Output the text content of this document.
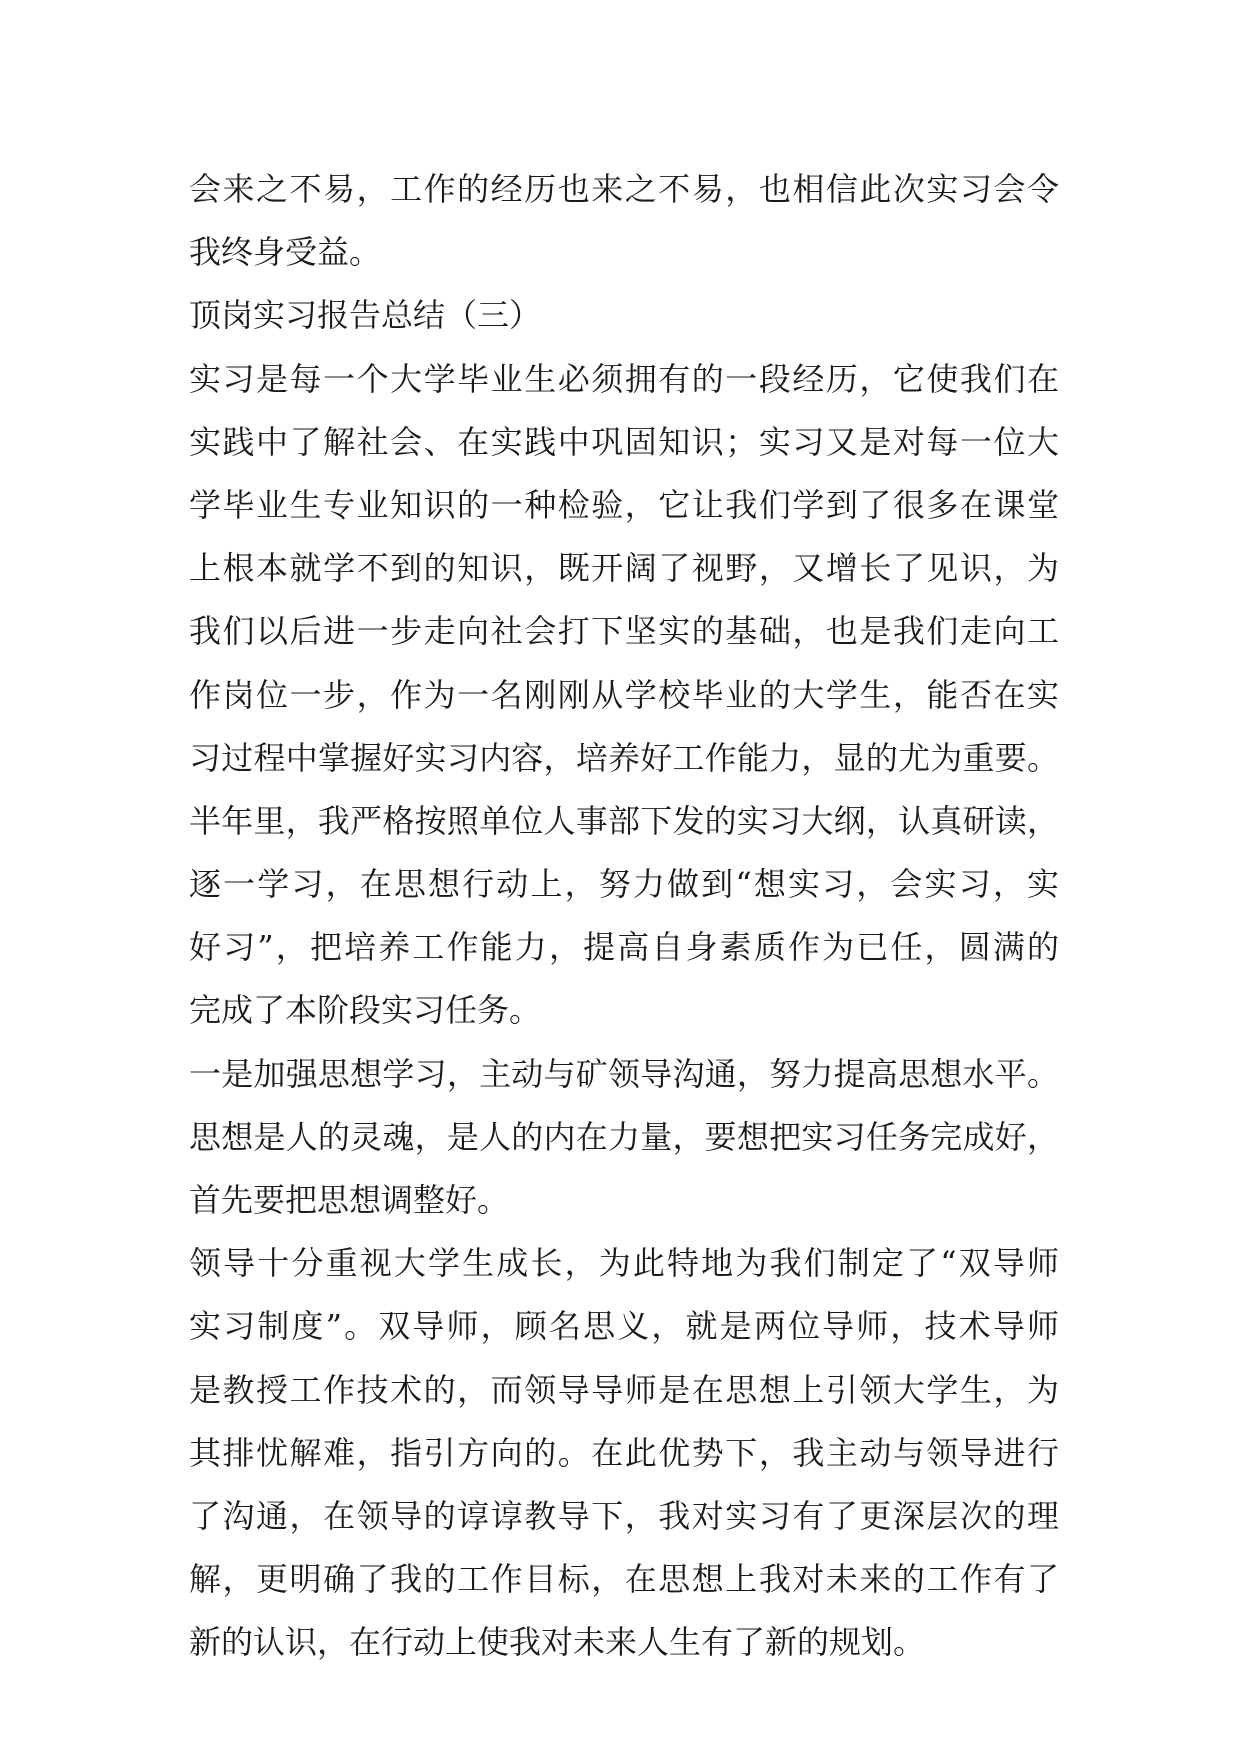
会来之不易，工作的经历也来之不易，也相信此次实习会令
我终身受益。
顶岗实习报告总结（三）
实习是每一个大学毕业生必须拥有的一段经历，它使我们在
实践中了解社会、在实践中巩固知识；实习又是对每一位大
学毕业生专业知识的一种检验，它让我们学到了很多在课堂
上根本就学不到的知识，既开阔了视野，又增长了见识，为
我们以后进一步走向社会打下坚实的基础，也是我们走向工
作岗位一步，作为一名刚刚从学校毕业的大学生，能否在实
习过程中掌握好实习内容，培养好工作能力，显的尤为重要。
半年里，我严格按照单位人事部下发的实习大纲，认真研读，
逐一学习，在思想行动上，努力做到“想实习，会实习，实
好习”，把培养工作能力，提高自身素质作为已任，圆满的
完成了本阶段实习任务。
一是加强思想学习，主动与矿领导沟通，努力提高思想水平。
思想是人的灵魂，是人的内在力量，要想把实习任务完成好，
首先要把思想调整好。
领导十分重视大学生成长，为此特地为我们制定了“双导师
实习制度”。双导师，顾名思义，就是两位导师，技术导师
是教授工作技术的，而领导导师是在思想上引领大学生，为
其排忧解难，指引方向的。在此优势下，我主动与领导进行
了沟通，在领导的谆谆教导下，我对实习有了更深层次的理
解，更明确了我的工作目标，在思想上我对未来的工作有了
新的认识，在行动上使我对未来人生有了新的规划。
